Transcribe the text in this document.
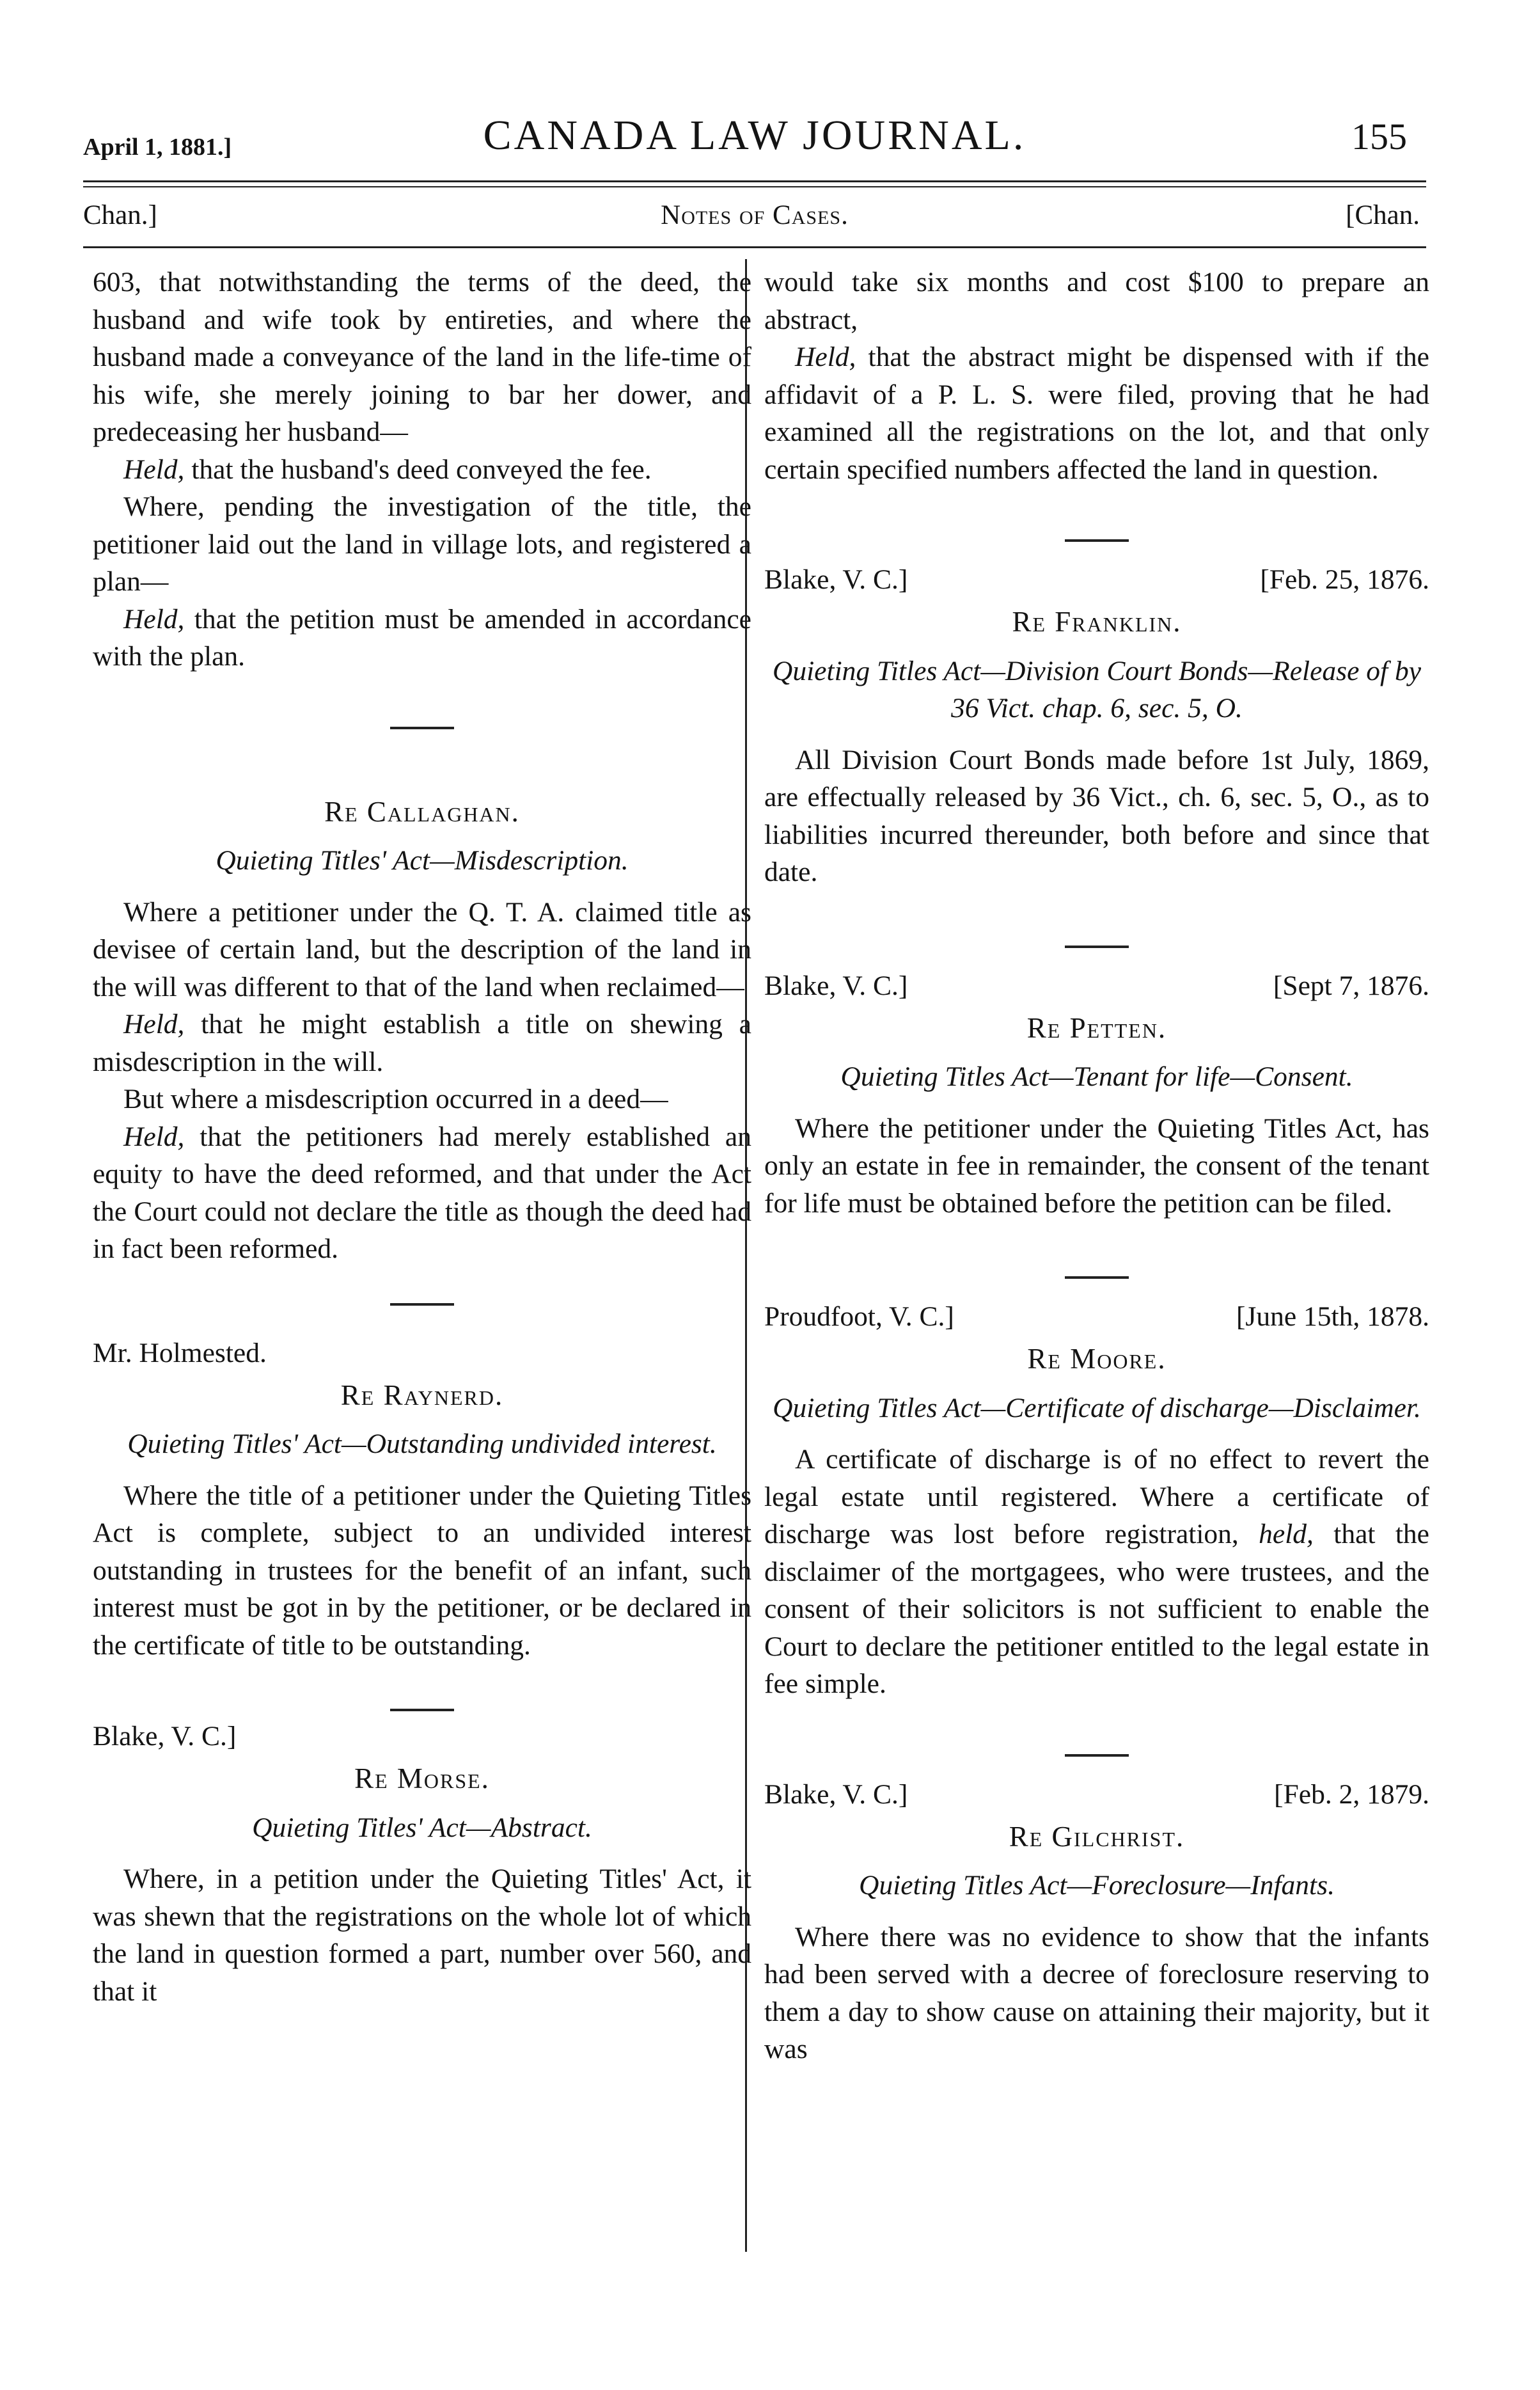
April 1, 1881.]	CANADA LAW JOURNAL.	155
Chan.]	Notes of Cases.	[Chan.

603, that notwithstanding the terms of the deed, the husband and wife took by entireties, and where the husband made a conveyance of the land in the life-time of his wife, she merely joining to bar her dower, and predeceasing her husband—

Held, that the husband's deed conveyed the fee.

Where, pending the investigation of the title, the petitioner laid out the land in village lots, and registered a plan—

Held, that the petition must be amended in accordance with the plan.

Re Callaghan.
Quieting Titles' Act—Misdescription.

Where a petitioner under the Q. T. A. claimed title as devisee of certain land, but the description of the land in the will was different to that of the land when reclaimed—

Held, that he might establish a title on shewing a misdescription in the will.

But where a misdescription occurred in a deed—

Held, that the petitioners had merely established an equity to have the deed reformed, and that under the Act the Court could not declare the title as though the deed had in fact been reformed.

Mr. Holmested.
Re Raynerd.
Quieting Titles' Act—Outstanding undivided interest.

Where the title of a petitioner under the Quieting Titles Act is complete, subject to an undivided interest outstanding in trustees for the benefit of an infant, such interest must be got in by the petitioner, or be declared in the certificate of title to be outstanding.

Blake, V. C.]
Re Morse.
Quieting Titles' Act—Abstract.

Where, in a petition under the Quieting Titles' Act, it was shewn that the registrations on the whole lot of which the land in question formed a part, number over 560, and that it

would take six months and cost $100 to prepare an abstract,

Held, that the abstract might be dispensed with if the affidavit of a P. L. S. were filed, proving that he had examined all the registrations on the lot, and that only certain specified numbers affected the land in question.

Blake, V. C.]	[Feb. 25, 1876.
Re Franklin.
Quieting Titles Act—Division Court Bonds—Release of by 36 Vict. chap. 6, sec. 5, O.

All Division Court Bonds made before 1st July, 1869, are effectually released by 36 Vict., ch. 6, sec. 5, O., as to liabilities incurred thereunder, both before and since that date.

Blake, V. C.]	[Sept 7, 1876.
Re Petten.
Quieting Titles Act—Tenant for life—Consent.

Where the petitioner under the Quieting Titles Act, has only an estate in fee in remainder, the consent of the tenant for life must be obtained before the petition can be filed.

Proudfoot, V. C.]	[June 15th, 1878.
Re Moore.
Quieting Titles Act—Certificate of discharge—Disclaimer.

A certificate of discharge is of no effect to revert the legal estate until registered. Where a certificate of discharge was lost before registration, held, that the disclaimer of the mortgagees, who were trustees, and the consent of their solicitors is not sufficient to enable the Court to declare the petitioner entitled to the legal estate in fee simple.

Blake, V. C.]	[Feb. 2, 1879.
Re Gilchrist.
Quieting Titles Act—Foreclosure—Infants.

Where there was no evidence to show that the infants had been served with a decree of foreclosure reserving to them a day to show cause on attaining their majority, but it was
